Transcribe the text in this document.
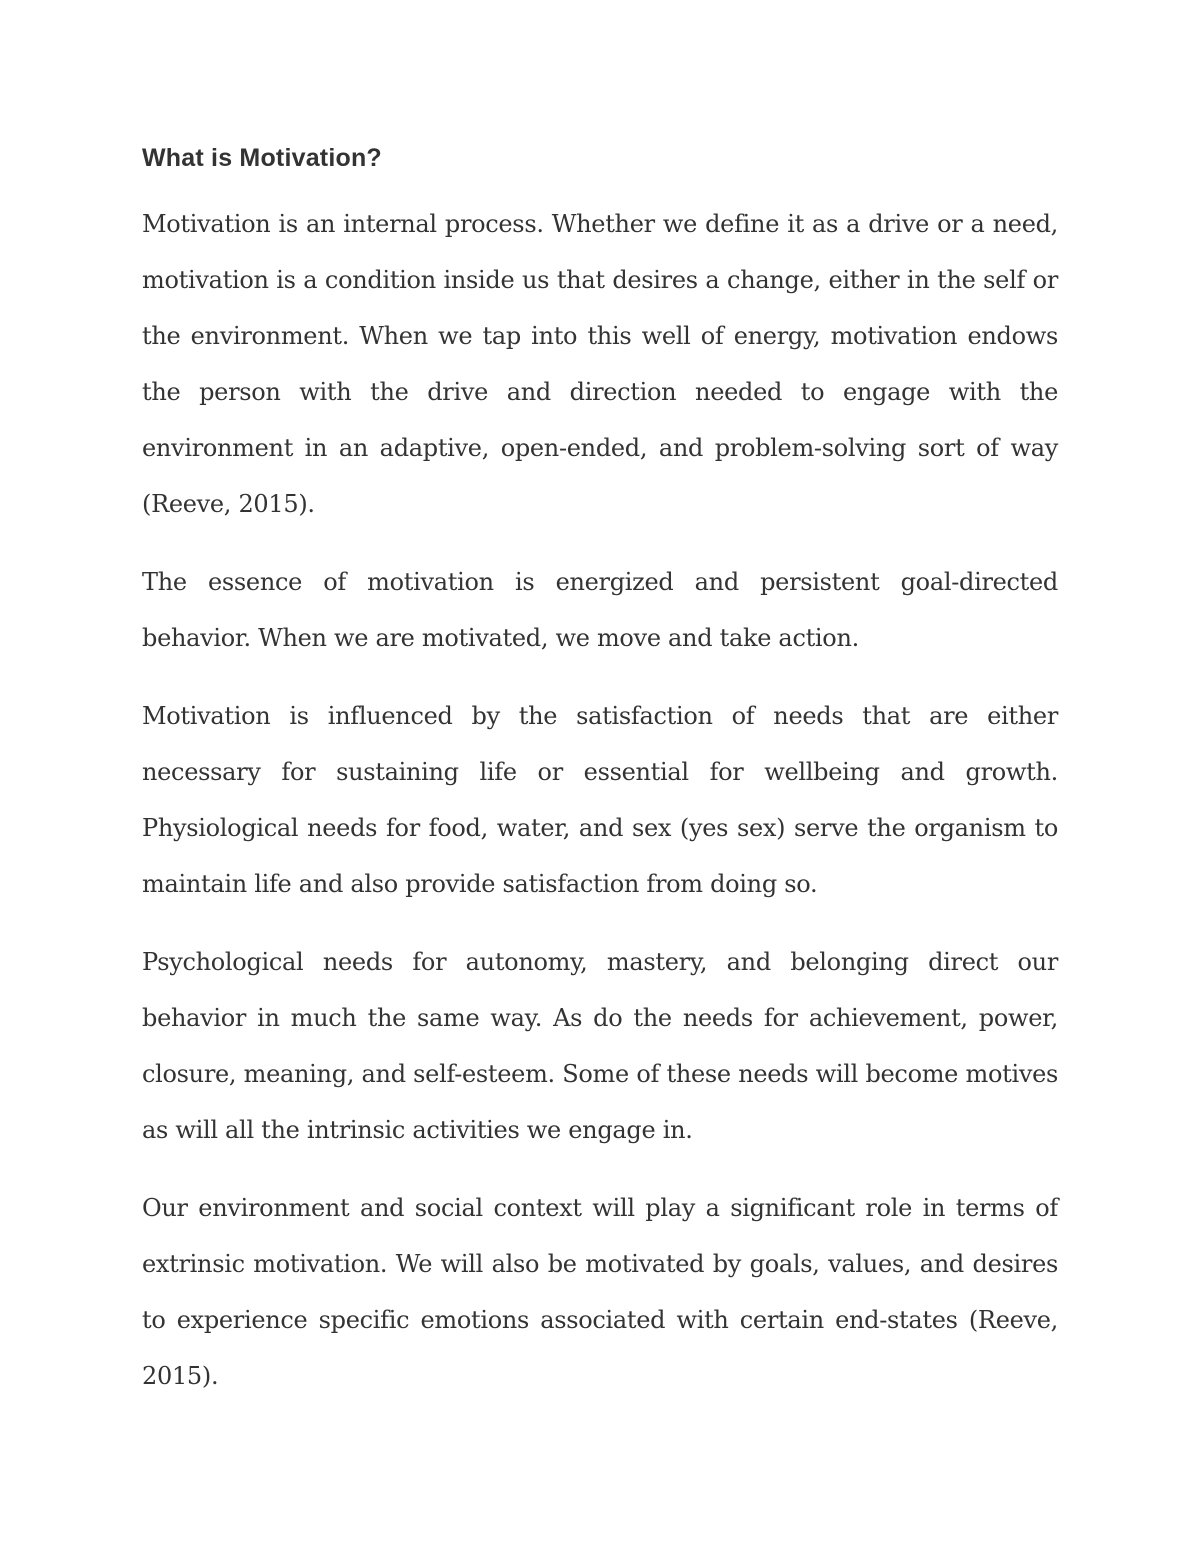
What is Motivation?

Motivation is an internal process. Whether we define it as a drive or a need, motivation is a condition inside us that desires a change, either in the self or the environment. When we tap into this well of energy, motivation endows the person with the drive and direction needed to engage with the environment in an adaptive, open-ended, and problem-solving sort of way (Reeve, 2015).

The essence of motivation is energized and persistent goal-directed behavior. When we are motivated, we move and take action.

Motivation is influenced by the satisfaction of needs that are either necessary for sustaining life or essential for wellbeing and growth. Physiological needs for food, water, and sex (yes sex) serve the organism to maintain life and also provide satisfaction from doing so.

Psychological needs for autonomy, mastery, and belonging direct our behavior in much the same way. As do the needs for achievement, power, closure, meaning, and self-esteem. Some of these needs will become motives as will all the intrinsic activities we engage in.

Our environment and social context will play a significant role in terms of extrinsic motivation. We will also be motivated by goals, values, and desires to experience specific emotions associated with certain end-states (Reeve, 2015).
